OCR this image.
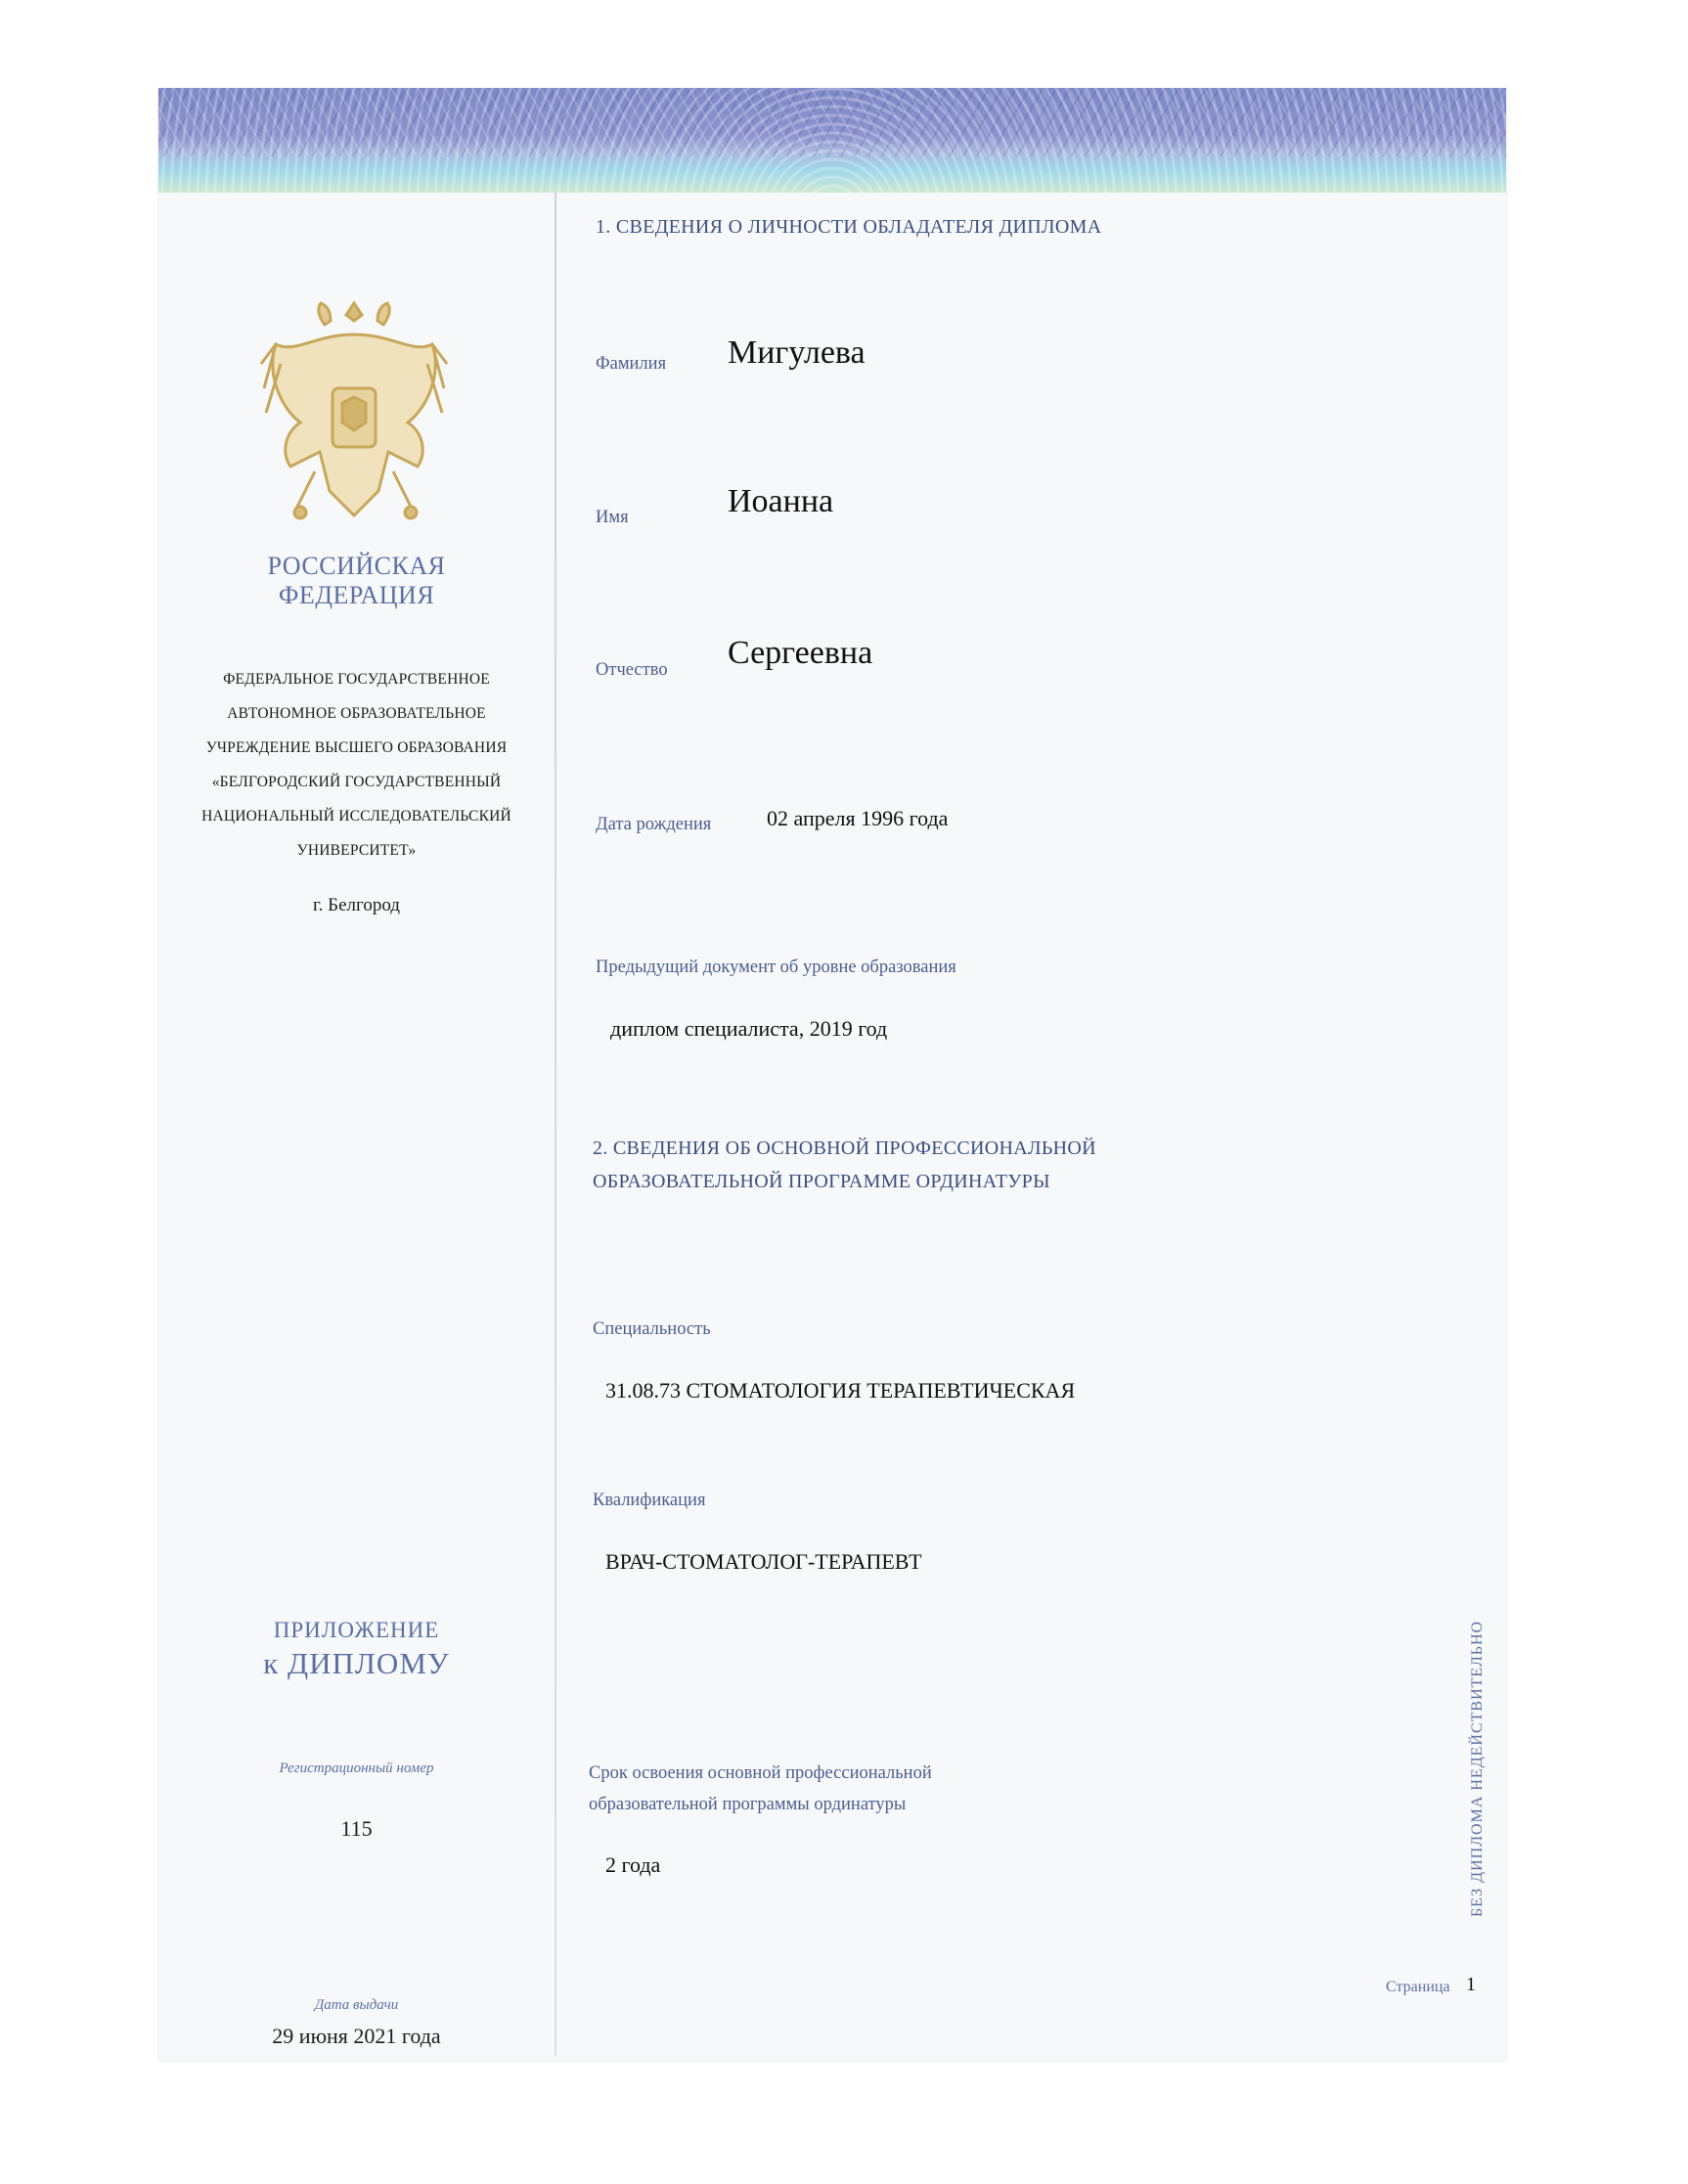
РОССИЙСКАЯ
ФЕДЕРАЦИЯ
ФЕДЕРАЛЬНОЕ ГОСУДАРСТВЕННОЕ
АВТОНОМНОЕ ОБРАЗОВАТЕЛЬНОЕ
УЧРЕЖДЕНИЕ ВЫСШЕГО ОБРАЗОВАНИЯ
«БЕЛГОРОДСКИЙ ГОСУДАРСТВЕННЫЙ
НАЦИОНАЛЬНЫЙ ИССЛЕДОВАТЕЛЬСКИЙ
УНИВЕРСИТЕТ»
г. Белгород
ПРИЛОЖЕНИЕ
к ДИПЛОМУ
Регистрационный номер
115
Дата выдачи
29 июня 2021 года
1. СВЕДЕНИЯ О ЛИЧНОСТИ ОБЛАДАТЕЛЯ ДИПЛОМА
Фамилия Мигулева
Имя	Иоанна
Отчество Сергеевна
Дата рождения	02 апреля 1996 года
Предыдущий документ об уровне образования
диплом специалиста, 2019 год
2. СВЕДЕНИЯ ОБ ОСНОВНОЙ ПРОФЕССИОНАЛЬНОЙ
ОБРАЗОВАТЕЛЬНОЙ ПРОГРАММЕ ОРДИНАТУРЫ
Специальность
31.08.73 СТОМАТОЛОГИЯ ТЕРАПЕВТИЧЕСКАЯ
Квалификация
ВРАЧ-СТОМАТОЛОГ-ТЕРАПЕВТ
Срок освоения основной профессиональной
образовательной программы ординатуры
2 года	БЕЗ ДИПЛОМА НЕДЕЙСТВИТЕЛЬНО
Страница 1
